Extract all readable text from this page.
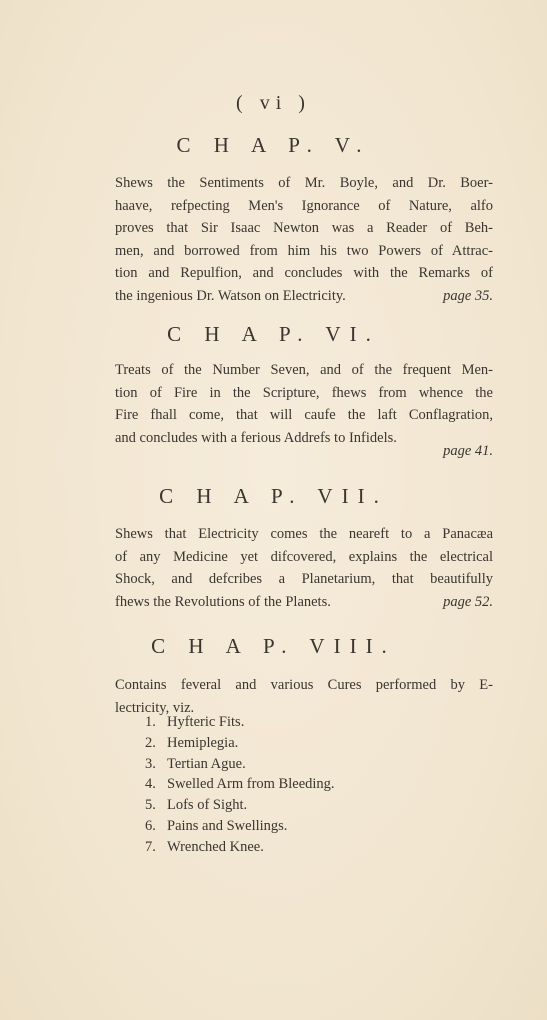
( vi )
C H A P. V.
Shews the Sentiments of Mr. Boyle, and Dr. Boer-
haave, refpecting Men's Ignorance of Nature, alfo
proves that Sir Isaac Newton was a Reader of Beh-
men, and borrowed from him his two Powers of Attrac-
tion and Repulfion, and concludes with the Remarks of
the ingenious Dr. Watson on Electricity.	page 35.
C H A P. VI.
Treats of the Number Seven, and of the frequent Men-
tion of Fire in the Scripture, fhews from whence the
Fire fhall come, that will caufe the laft Conflagration,
and concludes with a ferious Addrefs to Infidels.
page 41.
C H A P. VII.
Shews that Electricity comes the neareft to a Panacæa
of any Medicine yet difcovered, explains the electrical
Shock, and defcribes a Planetarium, that beautifully
fhews the Revolutions of the Planets.	page 52.
C H A P. VIII.
Contains feveral and various Cures performed by E-
lectricity, viz.
1. Hyfteric Fits.
2. Hemiplegia.
3. Tertian Ague.
4. Swelled Arm from Bleeding.
5. Lofs of Sight.
6. Pains and Swellings.
7. Wrenched Knee.
